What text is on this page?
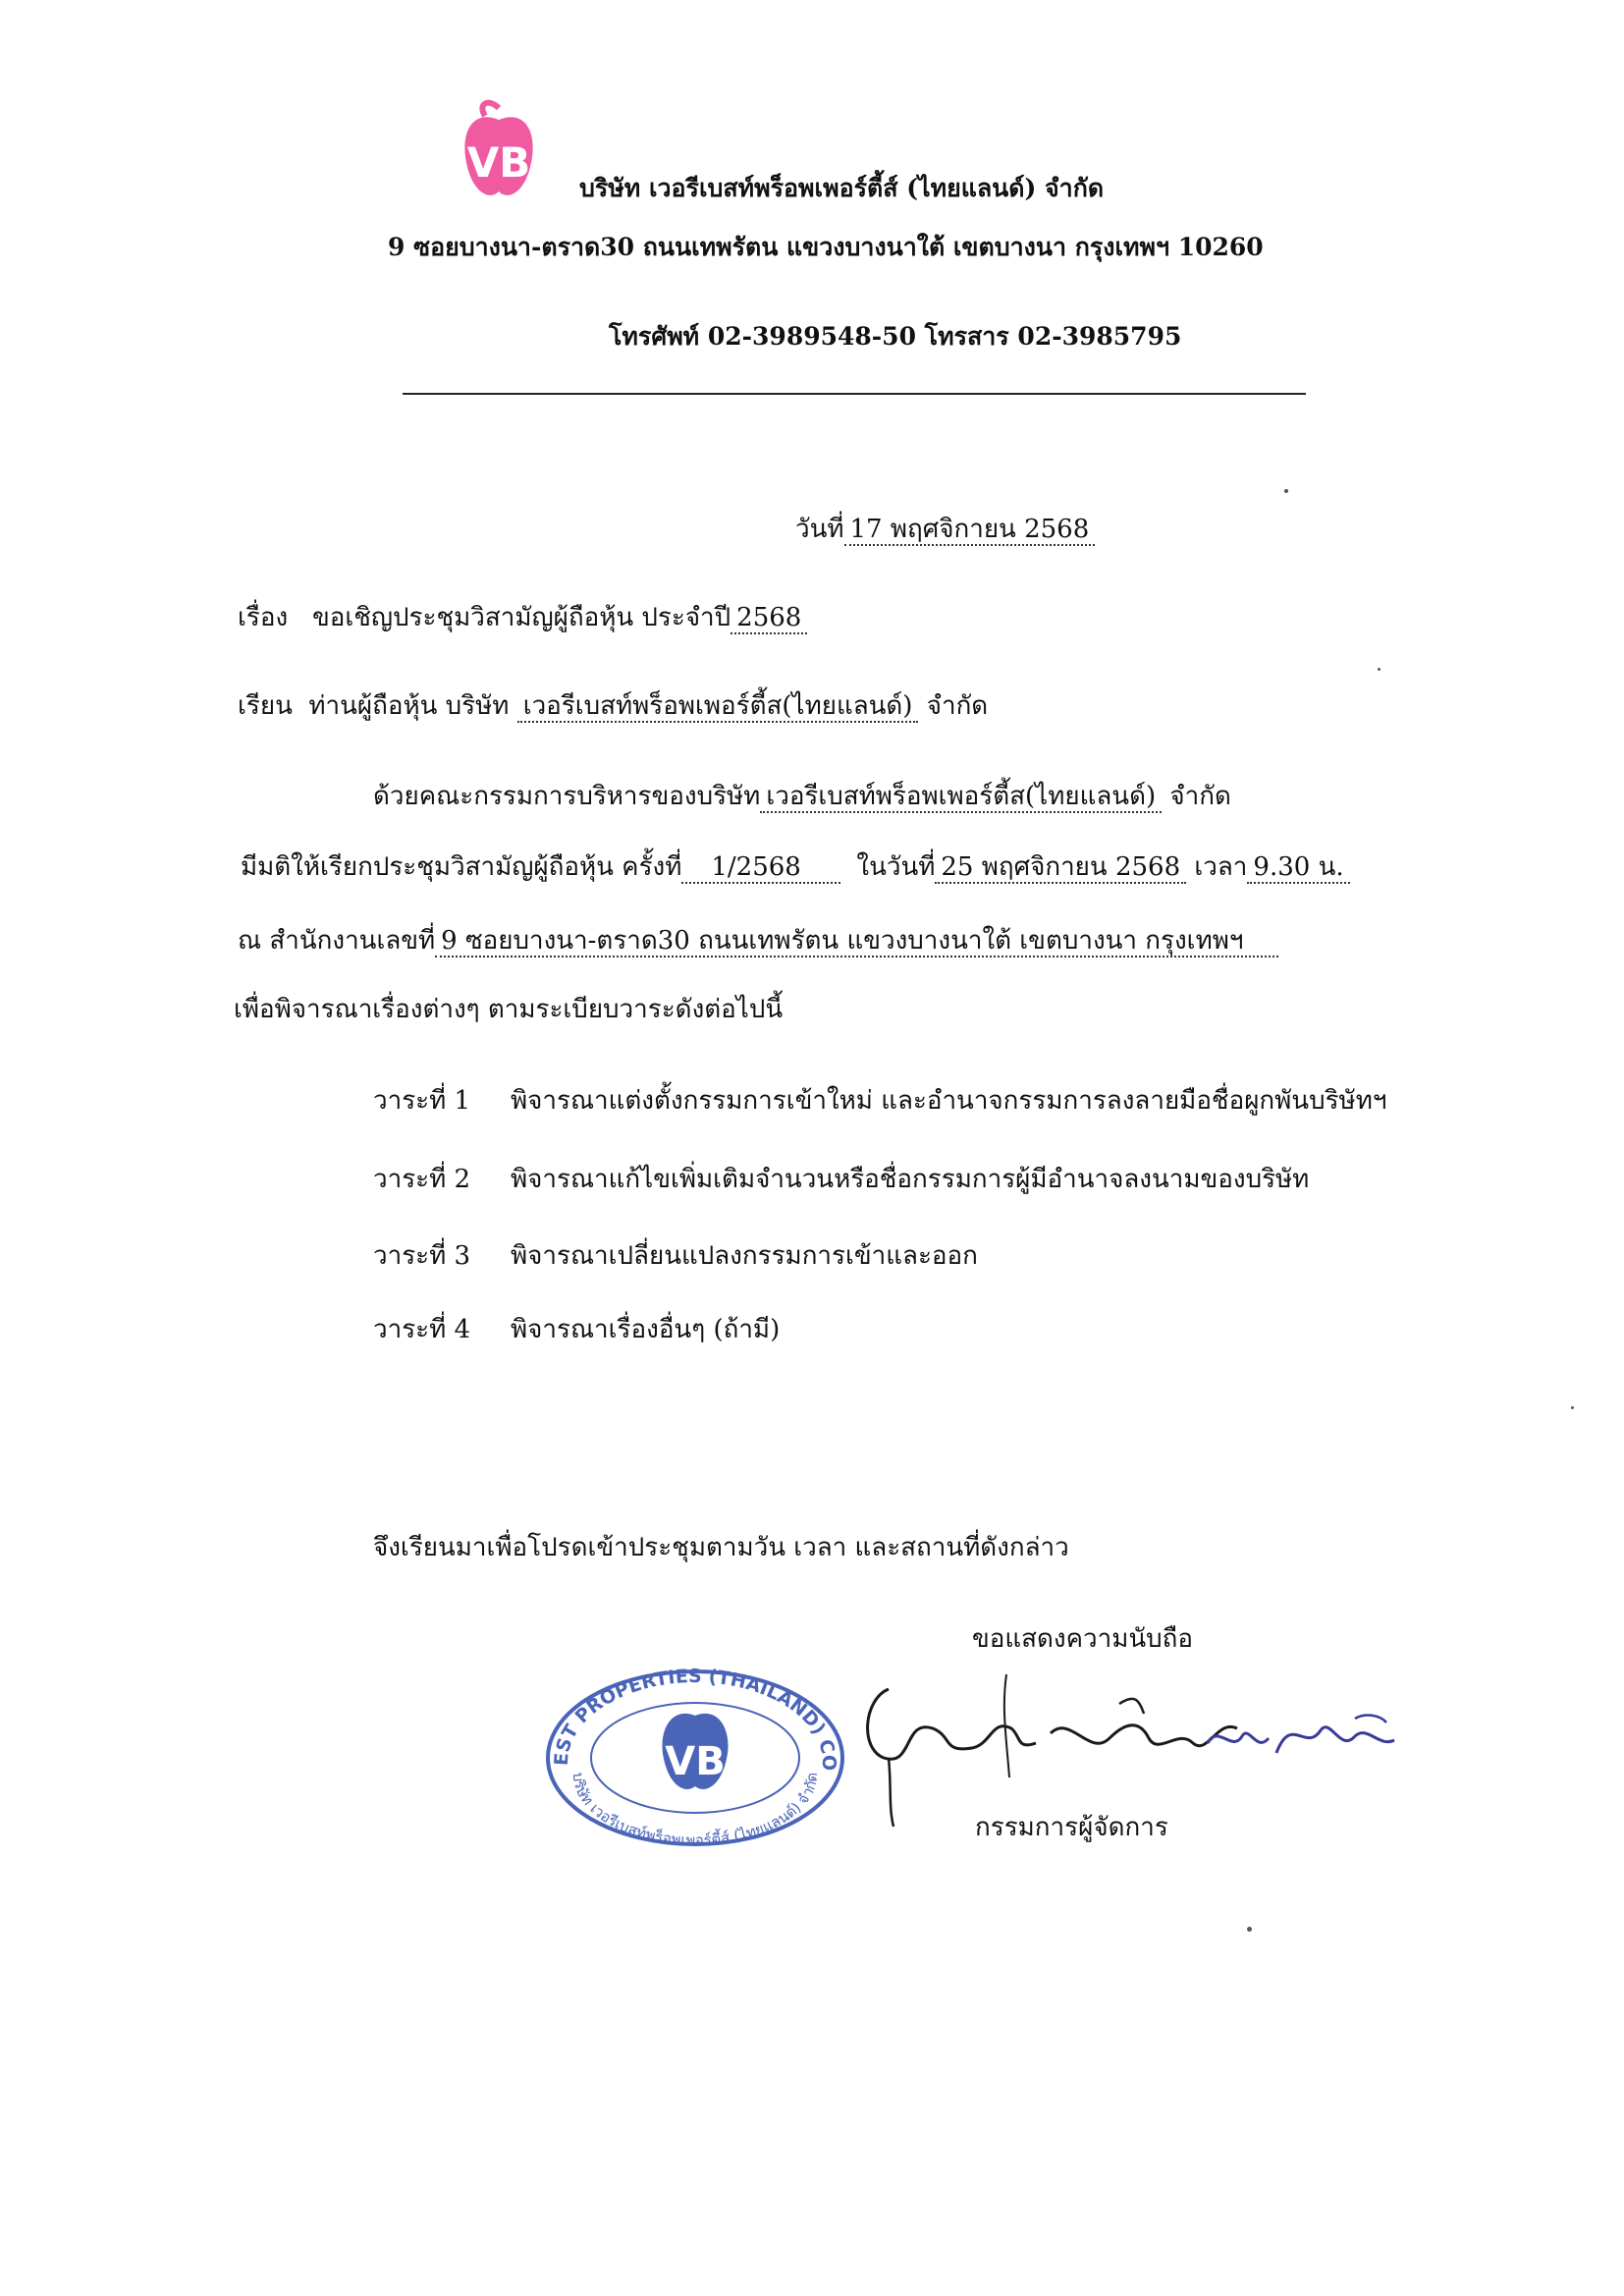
VB
บริษัท เวอรีเบสท์พร็อพเพอร์ตี้ส์ (ไทยแลนด์) จำกัด
9 ซอยบางนา-ตราด30 ถนนเทพรัตน แขวงบางนาใต้ เขตบางนา กรุงเทพฯ 10260
โทรศัพท์ 02-3989548-50 โทรสาร 02-3985795
วันที่ 17 พฤศจิกายน 2568
เรื่อง ขอเชิญประชุมวิสามัญผู้ถือหุ้น ประจำปี 2568
เรียน ท่านผู้ถือหุ้น บริษัท เวอรีเบสท์พร็อพเพอร์ตี้ส(ไทยแลนด์) จำกัด
ด้วยคณะกรรมการบริหารของบริษัท เวอรีเบสท์พร็อพเพอร์ตี้ส(ไทยแลนด์) จำกัด
มีมติให้เรียกประชุมวิสามัญผู้ถือหุ้น ครั้งที่ 1/2568 ในวันที่ 25 พฤศจิกายน 2568 เวลา 9.30 น.
ณ สำนักงานเลขที่ 9 ซอยบางนา-ตราด30 ถนนเทพรัตน แขวงบางนาใต้ เขตบางนา กรุงเทพฯ
เพื่อพิจารณาเรื่องต่างๆ ตามระเบียบวาระดังต่อไปนี้
วาระที่ 1 พิจารณาแต่งตั้งกรรมการเข้าใหม่ และอำนาจกรรมการลงลายมือชื่อผูกพันบริษัทฯ
วาระที่ 2 พิจารณาแก้ไขเพิ่มเติมจำนวนหรือชื่อกรรมการผู้มีอำนาจลงนามของบริษัท
วาระที่ 3 พิจารณาเปลี่ยนแปลงกรรมการเข้าและออก
วาระที่ 4 พิจารณาเรื่องอื่นๆ (ถ้ามี)
จึงเรียนมาเพื่อโปรดเข้าประชุมตามวัน เวลา และสถานที่ดังกล่าว
ขอแสดงความนับถือ
EST PROPERTIES (THAILAND) CO
บริษัท เวอรีเบสท์พร็อพเพอร์ตี้ส์ (ไทยแลนด์) จำกัด
VB
กรรมการผู้จัดการ
